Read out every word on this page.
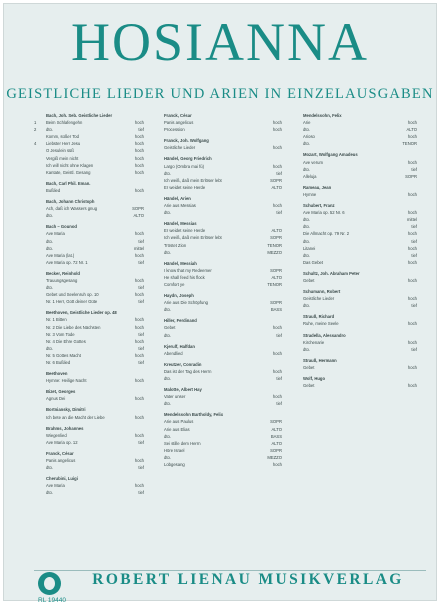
HOSIANNA
GEISTLICHE LIEDER UND ARIEN IN EINZELAUSGABEN
Bach, Joh. Seb. Geistliche Lieder
1	Beim Schlafengehn	hoch
2	dto.	tief
Komm, süßer Tod	hoch
4	Liebster Herr Jesu	hoch
O Jesulein süß	hoch
Vergiß mein nicht	hoch
Ich will nicht ohne Klagen	hoch
Kantate, Geistl. Gesang	hoch
Bach, Carl Phil. Eman.
Bußlied	hoch
Bach, Johann Christoph
Ach, daß ich Wassers gnug	SOPR
dto.	ALTO
Bach – Gounod
Ave Maria	hoch
dto.	tief
dto.	mittel
Ave Maria (lat.)	hoch
Ave Maria op. 72 Nr. 1	tief
Becker, Reinhold
Trauungsgesang	hoch
dto.	tief
Gebet und Seelenruh op. 10	hoch
Nr. 1 Herr, Gott deiner Güte	tief
Beethoven, Geistliche Lieder op. 48
Nr. 1 Bitten	hoch
Nr. 2 Die Liebe des Nächsten	hoch
Nr. 3 Vom Tode	tief
Nr. 4 Die Ehre Gottes	hoch
dto.	tief
Nr. 5 Gottes Macht	hoch
Nr. 6 Bußlied	tief
Beethoven
Hymne: Heilige Nacht	hoch
Bizet, Georges
Agnus Dei	hoch
Bortniansky, Dimitri
Ich bete an die Macht der Liebe	hoch
Brahms, Johannes
Wiegenlied	hoch
Ave Maria op. 12	tief
Franck, César
Panis angelicus	hoch
dto.	tief
Cherubini, Luigi
Ave Maria	hoch
dto.	tief
Franck, César
Panis angelicus	hoch
Procession	hoch
Franck, Joh. Wolfgang
Geistliche Lieder	hoch
Händel, Georg Friedrich
Largo (Ombra mai fù)	hoch
dto.	tief
Ich weiß, daß mein Erlöser lebt	SOPR
Er weidet seine Herde	ALTO
Händel, Arien
Arie aus Messias	hoch
dto.	tief
Händel, Messias
Er weidet seine Herde	ALTO
Ich weiß, daß mein Erlöser lebt	SOPR
Tröstet Zion	TENOR
dto.	MEZZO
Händel, Messiah
I know that my Redeemer	SOPR
He shall feed his flock	ALTO
Comfort ye	TENOR
Haydn, Joseph
Arie aus Die Schöpfung	SOPR
dto.	BASS
Hiller, Ferdinand
Gebet	hoch
dto.	tief
Kjerulf, Halfdan
Abendlied	hoch
Kreutzer, Conradin
Das ist der Tag des Herrn	hoch
dto.	tief
Malotte, Albert Hay
Vater unser	hoch
dto.	tief
Mendelssohn Bartholdy, Felix
Arie aus Paulus	SOPR
Arie aus Elias	ALTO
dto.	BASS
Sei stille dem Herrn	ALTO
Höre Israel	SOPR
dto.	MEZZO
Lobgesang	hoch
Mendelssohn, Felix
Arie	hoch
dto.	ALTO
Arioso	hoch
dto.	TENOR
Mozart, Wolfgang Amadeus
Ave verum	hoch
dto.	tief
Alleluja	SOPR
Rameau, Jean
Hymne	hoch
Schubert, Franz
Ave Maria op. 52 Nr. 6	hoch
dto.	mittel
dto.	tief
Die Allmacht op. 79 Nr. 2	hoch
dto.	tief
Litanei	hoch
dto.	tief
Das Gebet	hoch
Schultz, Joh. Abraham Peter
Gebet	hoch
Schumann, Robert
Geistliche Lieder	hoch
dto.	tief
Strauß, Richard
Ruhe, meine Seele	hoch
Stradella, Alessandro
Kirchenarie	hoch
dto.	tief
Strauß, Hermann
Gebet	hoch
Wolf, Hugo
Gebet	hoch
ROBERT LIENAU MUSIKVERLAG
RL 19440
